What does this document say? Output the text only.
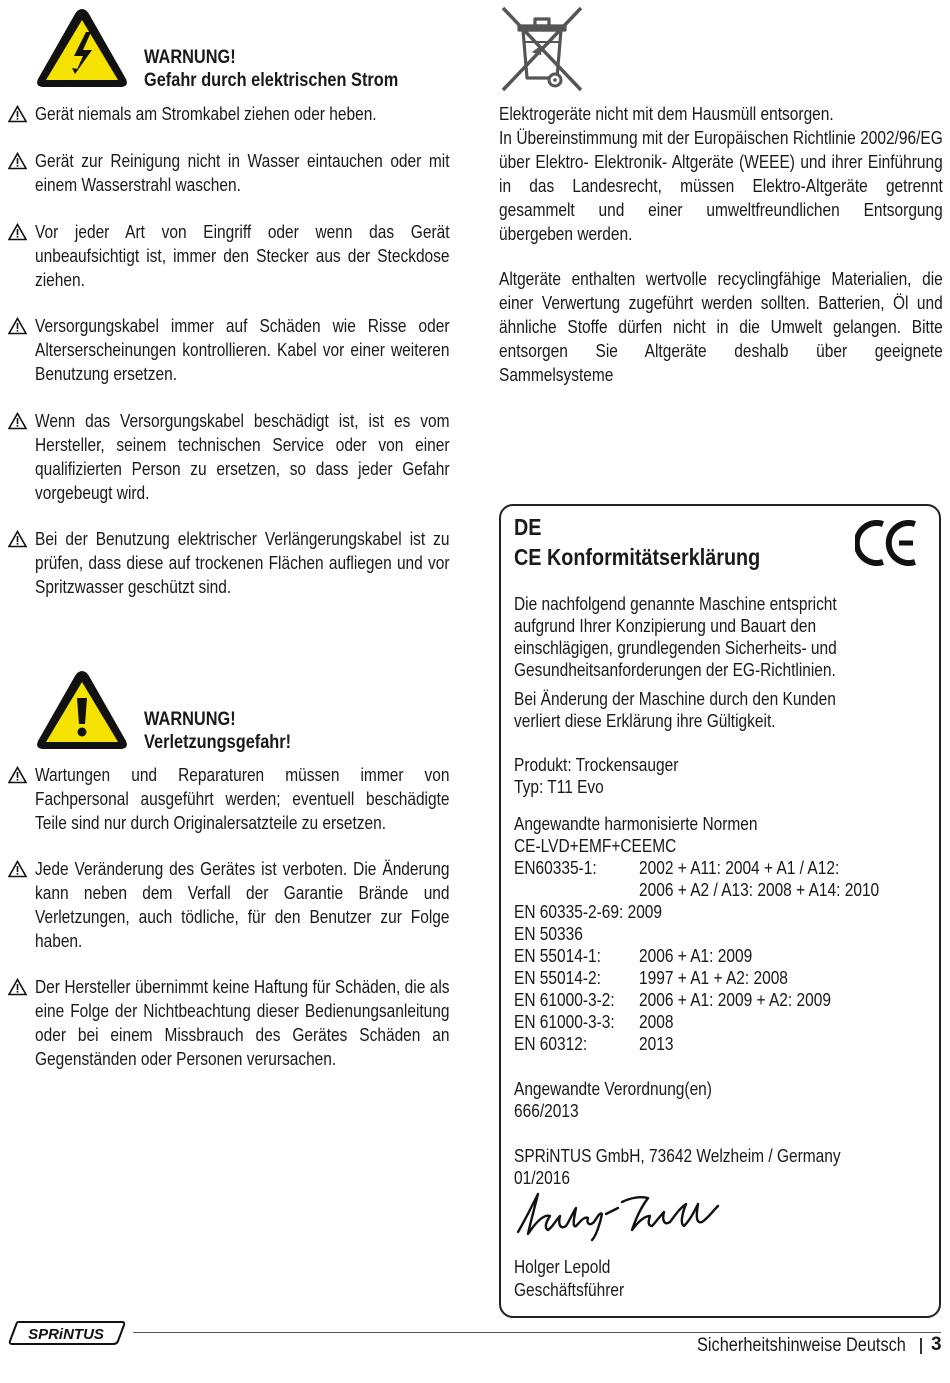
WARNUNG!
Gefahr durch elektrischen Strom
Gerät niemals am Stromkabel ziehen oder heben.
Gerät zur Reinigung nicht in Wasser eintauchen oder mit einem Wasserstrahl waschen.
Vor jeder Art von Eingriff oder wenn das Gerät unbeaufsichtigt ist, immer den Stecker aus der Steckdose ziehen.
Versorgungskabel immer auf Schäden wie Risse oder Alterserscheinungen kontrollieren. Kabel vor einer weiteren Benutzung ersetzen.
Wenn das Versorgungskabel beschädigt ist, ist es vom Hersteller, seinem technischen Service oder von einer qualifizierten Person zu ersetzen, so dass jeder Gefahr vorgebeugt wird.
Bei der Benutzung elektrischer Verlängerungskabel ist zu prüfen, dass diese auf trockenen Flächen aufliegen und vor Spritzwasser geschützt sind.
WARNUNG!
Verletzungsgefahr!
Wartungen und Reparaturen müssen immer von Fachpersonal ausgeführt werden; eventuell beschädigte Teile sind nur durch Originalersatzteile zu ersetzen.
Jede Veränderung des Gerätes ist verboten. Die Änderung kann neben dem Verfall der Garantie Brände und Verletzungen, auch tödliche, für den Benutzer zur Folge haben.
Der Hersteller übernimmt keine Haftung für Schäden, die als eine Folge der Nichtbeachtung dieser Bedienungsanleitung oder bei einem Missbrauch des Gerätes Schäden an Gegenständen oder Personen verursachen.
Elektrogeräte nicht mit dem Hausmüll entsorgen.
In Übereinstimmung mit der Europäischen Richtlinie 2002/96/EG über Elektro- Elektronik- Altgeräte (WEEE) und ihrer Einführung in das Landesrecht, müssen Elektro-Altgeräte getrennt gesammelt und einer umweltfreundlichen Entsorgung übergeben werden.
Altgeräte enthalten wertvolle recyclingfähige Materialien, die einer Verwertung zugeführt werden sollten. Batterien, Öl und ähnliche Stoffe dürfen nicht in die Umwelt gelangen. Bitte entsorgen Sie Altgeräte deshalb über geeignete Sammelsysteme
DE
CE Konformitätserklärung
Die nachfolgend genannte Maschine entspricht
aufgrund Ihrer Konzipierung und Bauart den
einschlägigen, grundlegenden Sicherheits- und
Gesundheitsanforderungen der EG-Richtlinien.
Bei Änderung der Maschine durch den Kunden
verliert diese Erklärung ihre Gültigkeit.
Produkt: Trockensauger
Typ: T11 Evo
Angewandte harmonisierte Normen
CE-LVD+EMF+CEEMC
EN60335-1: 2002 + A11: 2004 + A1 / A12:
2006 + A2 / A13: 2008 + A14: 2010
EN 60335-2-69: 2009
EN 50336
EN 55014-1: 2006 + A1: 2009
EN 55014-2: 1997 + A1 + A2: 2008
EN 61000-3-2: 2006 + A1: 2009 + A2: 2009
EN 61000-3-3: 2008
EN 60312:	2013
Angewandte Verordnung(en)
666/2013
SPRiNTUS GmbH, 73642 Welzheim / Germany
01/2016
Holger Lepold
Geschäftsführer
SPRiNTUS
Sicherheitshinweise Deutsch 3
